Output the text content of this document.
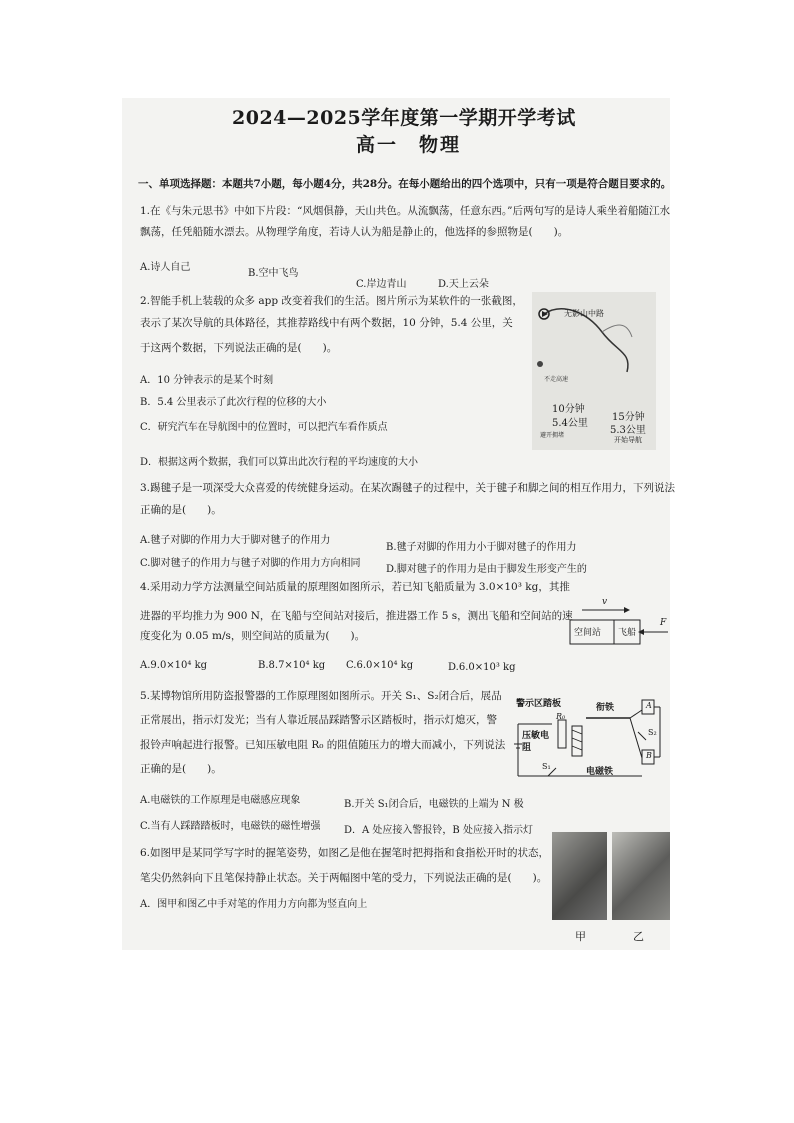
2024—2025学年度第一学期开学考试
高一　物理
一、单项选择题：本题共7小题，每小题4分，共28分。在每小题给出的四个选项中，只有一项是符合题目要求的。
1.在《与朱元思书》中如下片段：“风烟俱静，天山共色。从流飘荡，任意东西。”后两句写的是诗人乘坐着船随江水
飘荡，任凭船随水漂去。从物理学角度，若诗人认为船是静止的，他选择的参照物是(　　)。
A.诗人自己
B.空中飞鸟
C.岸边青山	D.天上云朵
2.智能手机上装载的众多 app 改变着我们的生活。图片所示为某软件的一张截图，
表示了某次导航的具体路径，其推荐路线中有两个数据，10 分钟，5.4 公里，关
于这两个数据，下列说法正确的是(　　)。
A．10 分钟表示的是某个时刻
B．5.4 公里表示了此次行程的位移的大小
C．研究汽车在导航图中的位置时，可以把汽车看作质点
D．根据这两个数据，我们可以算出此次行程的平均速度的大小
无影山中路
不走高速
10分钟
5.4公里
15分钟
5.3公里
避开拥堵
开始导航
3.踢毽子是一项深受大众喜爱的传统健身运动。在某次踢毽子的过程中，关于毽子和脚之间的相互作用力，下列说法
正确的是(　　)。
A.毽子对脚的作用力大于脚对毽子的作用力
B.毽子对脚的作用力小于脚对毽子的作用力
C.脚对毽子的作用力与毽子对脚的作用力方向相同
D.脚对毽子的作用力是由于脚发生形变产生的
4.采用动力学方法测量空间站质量的原理图如图所示，若已知飞船质量为 3.0×10³ kg，其推
进器的平均推力为 900 N，在飞船与空间站对接后，推进器工作 5 s，测出飞船和空间站的速
度变化为 0.05 m/s，则空间站的质量为(　　)。
A.9.0×10⁴ kg	B.8.7×10⁴ kg C.6.0×10⁴ kg	D.6.0×10³ kg
v
空间站 飞船
F
5.某博物馆所用防盗报警器的工作原理图如图所示。开关 S₁、S₂闭合后，展品
正常展出，指示灯发光；当有人靠近展品踩踏警示区踏板时，指示灯熄灭，警
报铃声响起进行报警。已知压敏电阻 R₀ 的阻值随压力的增大而减小，下列说法
正确的是(　　)。
A.电磁铁的工作原理是电磁感应现象	B.开关 S₁闭合后，电磁铁的上端为 N 极
C.当有人踩踏踏板时，电磁铁的磁性增强 D．A 处应接入警报铃，B 处应接入指示灯
警示区踏板	衔铁	A
B
压敏电阻
R₀
电磁铁
S₁
S₂
6.如图甲是某同学写字时的握笔姿势，如图乙是他在握笔时把拇指和食指松开时的状态，
笔尖仍然斜向下且笔保持静止状态。关于两幅图中笔的受力，下列说法正确的是(　　)。
A．图甲和图乙中手对笔的作用力方向都为竖直向上
甲	乙
